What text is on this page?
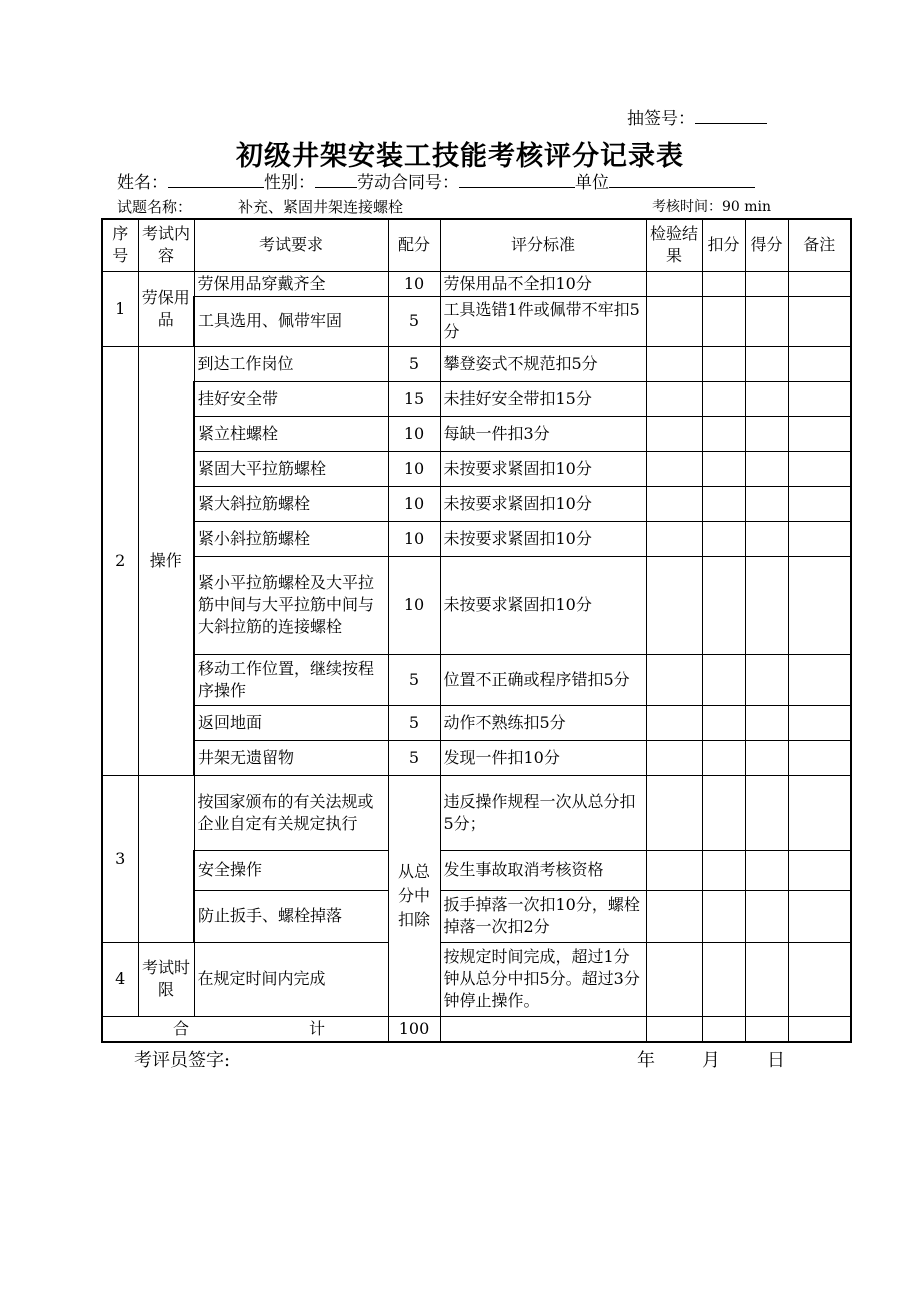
抽签号：
初级井架安装工技能考核评分记录表
姓名：	性别： 劳动合同号：	单位
试题名称：	补充、紧固井架连接螺栓	考核时间：90 min
序号	考试内容	考试要求	配分	评分标准	检验结果	扣分	得分	备注
1	劳保用品	劳保用品穿戴齐全	10	劳保用品不全扣10分				
		工具选用、佩带牢固	5	工具选错1件或佩带不牢扣5分				
2	操作	到达工作岗位	5	攀登姿式不规范扣5分				
		挂好安全带	15	未挂好安全带扣15分				
		紧立柱螺栓	10	每缺一件扣3分				
		紧固大平拉筋螺栓	10	未按要求紧固扣10分				
		紧大斜拉筋螺栓	10	未按要求紧固扣10分				
		紧小斜拉筋螺栓	10	未按要求紧固扣10分				
		紧小平拉筋螺栓及大平拉筋中间与大平拉筋中间与大斜拉筋的连接螺栓	10	未按要求紧固扣10分				
		移动工作位置，继续按程序操作	5	位置不正确或程序错扣5分				
		返回地面	5	动作不熟练扣5分				
		井架无遗留物	5	发现一件扣10分				
3		按国家颁布的有关法规或企业自定有关规定执行	从总分中扣除	违反操作规程一次从总分扣5分；				
		安全操作		发生事故取消考核资格				
		防止扳手、螺栓掉落		扳手掉落一次扣10分，螺栓掉落一次扣2分				
4	考试时限	在规定时间内完成		按规定时间完成，超过1分钟从总分中扣5分。超过3分钟停止操作。				
合 计			100					
考评员签字:	年	月	日
